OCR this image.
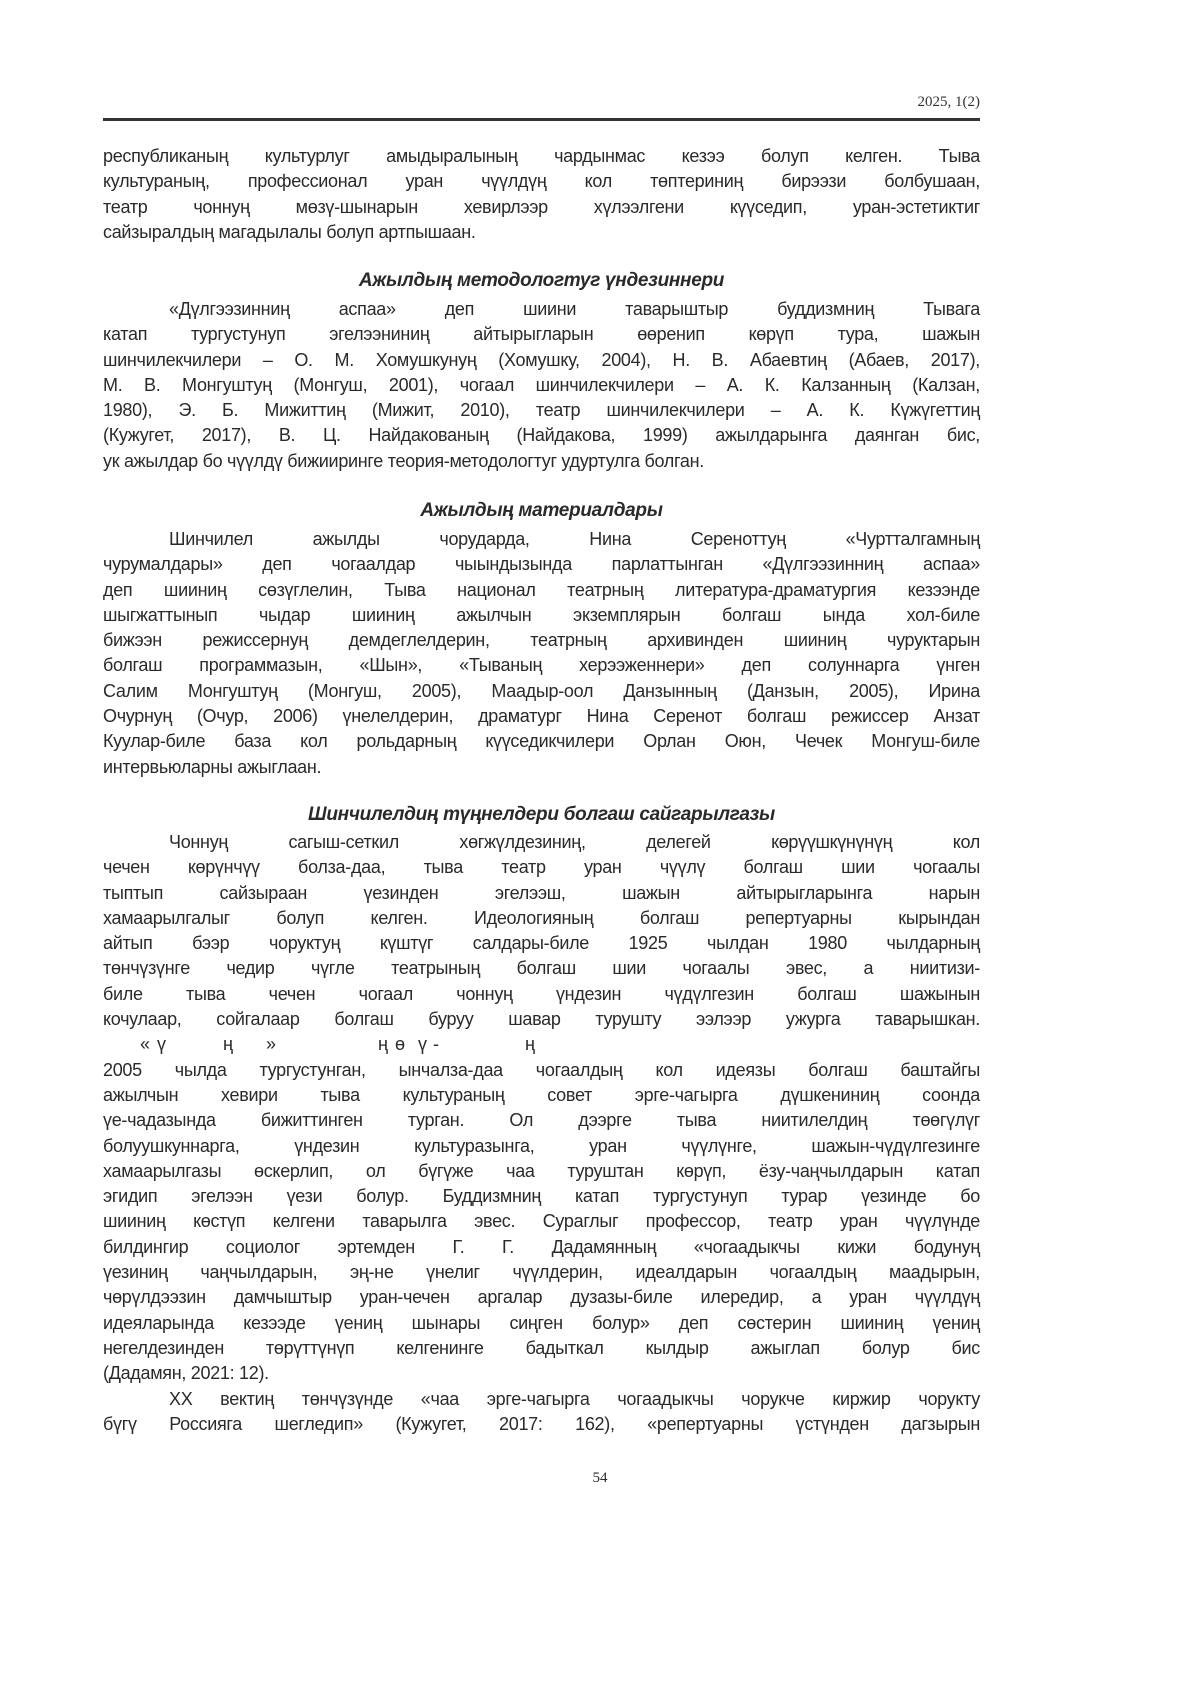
2025, 1(2)
республиканың культурлуг амыдыралының чардынмас кезээ болуп келген. Тыва
культураның, профессионал уран чүүлдүң кол төптериниң бирээзи болбушаан,
театр чоннуң мөзү-шынарын хевирлээр хүлээлгени күүседип, уран-эстетиктиг
сайзыралдың магадылалы болуп артпышаан.
Ажылдың методологтуг үндезиннери
«Дүлгээзинниң аспаа» деп шиини таварыштыр буддизмниң Тывага
катап тургустунуп эгелээниниң айтырыгларын өөренип көрүп тура, шажын
шинчилекчилери – О. М. Хомушкунуң (Хомушку, 2004), Н. В. Абаевтиң (Абаев, 2017),
М. В. Монгуштуң (Монгуш, 2001), чогаал шинчилекчилери – А. К. Калзанның (Калзан,
1980), Э. Б. Мижиттиң (Мижит, 2010), театр шинчилекчилери – А. К. Күжүгеттиң
(Кужугет, 2017), В. Ц. Найдакованың (Найдакова, 1999) ажылдарынга даянган бис,
ук ажылдар бо чүүлдү бижииринге теория-методологтуг удуртулга болган.
Ажылдың материалдары
Шинчилел ажылды чорударда, Нина Сереноттуң «Чуртталгамның
чурумалдары» деп чогаалдар чыындызында парлаттынган «Дүлгээзинниң аспаа»
деп шииниң сөзүглелин, Тыва национал театрның литература-драматургия кезээнде
шыгжаттынып чыдар шииниң ажылчын экземплярын болгаш ында хол-биле
бижээн режиссернуң демдеглелдерин, театрның архивинден шииниң чуруктарын
болгаш программазын, «Шын», «Тываның херээженнери» деп солуннарга үнген
Салим Монгуштуң (Монгуш, 2005), Маадыр-оол Данзынның (Данзын, 2005), Ирина
Очурнуң (Очур, 2006) үнелелдерин, драматург Нина Серенот болгаш режиссер Анзат
Куулар-биле база кол рольдарның күүседикчилери Орлан Оюн, Чечек Монгуш-биле
интервьюларны ажыглаан.
Шинчилелдиң түңнелдери болгаш сайгарылгазы
Чоннуң сагыш-сеткил хөгжүлдезиниң, делегей көрүүшкүнүнүң кол
чечен көрүнчүү болза-даа, тыва театр уран чүүлү болгаш шии чогаалы
тыптып сайзыраан үезинден эгелээш, шажын айтырыгларынга нарын
хамаарылгалыг болуп келген. Идеологияның болгаш репертуарны кырындан
айтып бээр чоруктуң күштүг салдары-биле 1925 чылдан 1980 чылдарның
төнчүзүнге чедир чүгле театрының болгаш шии чогаалы эвес, а ниитизи-
биле тыва чечен чогаал чоннуң үндезин чүдүлгезин болгаш шажынын
кочулаар, сойгалаар болгаш буруу шавар турушту ээлээр ужурга таварышкан.
« ү	ң »	ң ө ү -	ң
2005 чылда тургустунган, ынчалза-даа чогаалдың кол идеязы болгаш баштайгы
ажылчын хевири тыва культураның совет эрге-чагырга дүшкениниң соонда
үе-чадазында бижиттинген турган. Ол дээрге тыва ниитилелдиң төөгүлүг
болуушкуннарга, үндезин культуразынга, уран чүүлүнге, шажын-чүдүлгезинге
хамаарылгазы өскерлип, ол бүгүже чаа туруштан көрүп, ёзу-чаңчылдарын катап
эгидип эгелээн үези болур. Буддизмниң катап тургустунуп турар үезинде бо
шииниң көстүп келгени таварылга эвес. Сураглыг профессор, театр уран чүүлүнде
билдингир социолог эртемден Г. Г. Дадамянның «чогаадыкчы кижи бодунуң
үезиниң чаңчылдарын, эң-не үнелиг чүүлдерин, идеалдарын чогаалдың маадырын,
чөрүлдээзин дамчыштыр уран-чечен аргалар дузазы-биле илередир, а уран чүүлдүң
идеяларында кезээде үениң шынары сиңген болур» деп сөстерин шииниң үениң
негелдезинден төрүттүнүп келгенинге бадыткал кылдыр ажыглап болур бис
(Дадамян, 2021: 12).
XX вектиң төнчүзүнде «чаа эрге-чагырга чогаадыкчы чорукче киржир чорукту
бүгү Россияга шегледип» (Кужугет, 2017: 162), «репертуарны үстүнден дагзырын
54
